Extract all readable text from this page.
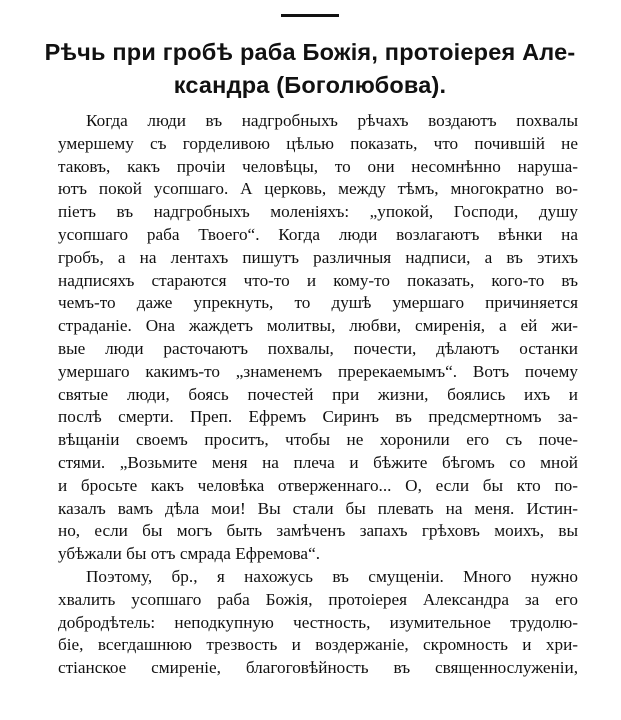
Рѣчь при гробѣ раба Божія, протоіерея Але-
ксандра (Боголюбова).

Когда люди въ надгробныхъ рѣчахъ воздаютъ похвалы
умершему съ горделивою цѣлью показать, что почившій не
таковъ, какъ прочіи человѣцы, то они несомнѣнно наруша-
ютъ покой усопшаго. А церковь, между тѣмъ, многократно во-
піетъ въ надгробныхъ моленіяхъ: „упокой, Господи, душу
усопшаго раба Твоего“. Когда люди возлагаютъ вѣнки на
гробъ, а на лентахъ пишутъ различныя надписи, а въ этихъ
надписяхъ стараются что-то и кому-то показать, кого-то въ
чемъ-то даже упрекнуть, то душѣ умершаго причиняется
страданіе. Она жаждетъ молитвы, любви, смиренія, а ей жи-
вые люди расточаютъ похвалы, почести, дѣлаютъ останки
умершаго какимъ-то „знаменемъ пререкаемымъ“. Вотъ почему
святые люди, боясь почестей при жизни, боялись ихъ и
послѣ смерти. Преп. Ефремъ Сиринъ въ предсмертномъ за-
вѣщаніи своемъ проситъ, чтобы не хоронили его съ поче-
стями. „Возьмите меня на плеча и бѣжите бѣгомъ со мной
и бросьте какъ человѣка отверженнаго... О, если бы кто по-
казалъ вамъ дѣла мои! Вы стали бы плевать на меня. Истин-
но, если бы могъ быть замѣченъ запахъ грѣховъ моихъ, вы
убѣжали бы отъ смрада Ефремова“.

Поэтому, бр., я нахожусь въ смущеніи. Много нужно
хвалить усопшаго раба Божія, протоіерея Александра за его
добродѣтель: неподкупную честность, изумительное трудолю-
біе, всегдашнюю трезвость и воздержаніе, скромность и хри-
стіанское смиреніе, благоговѣйность въ священнослуженіи,
